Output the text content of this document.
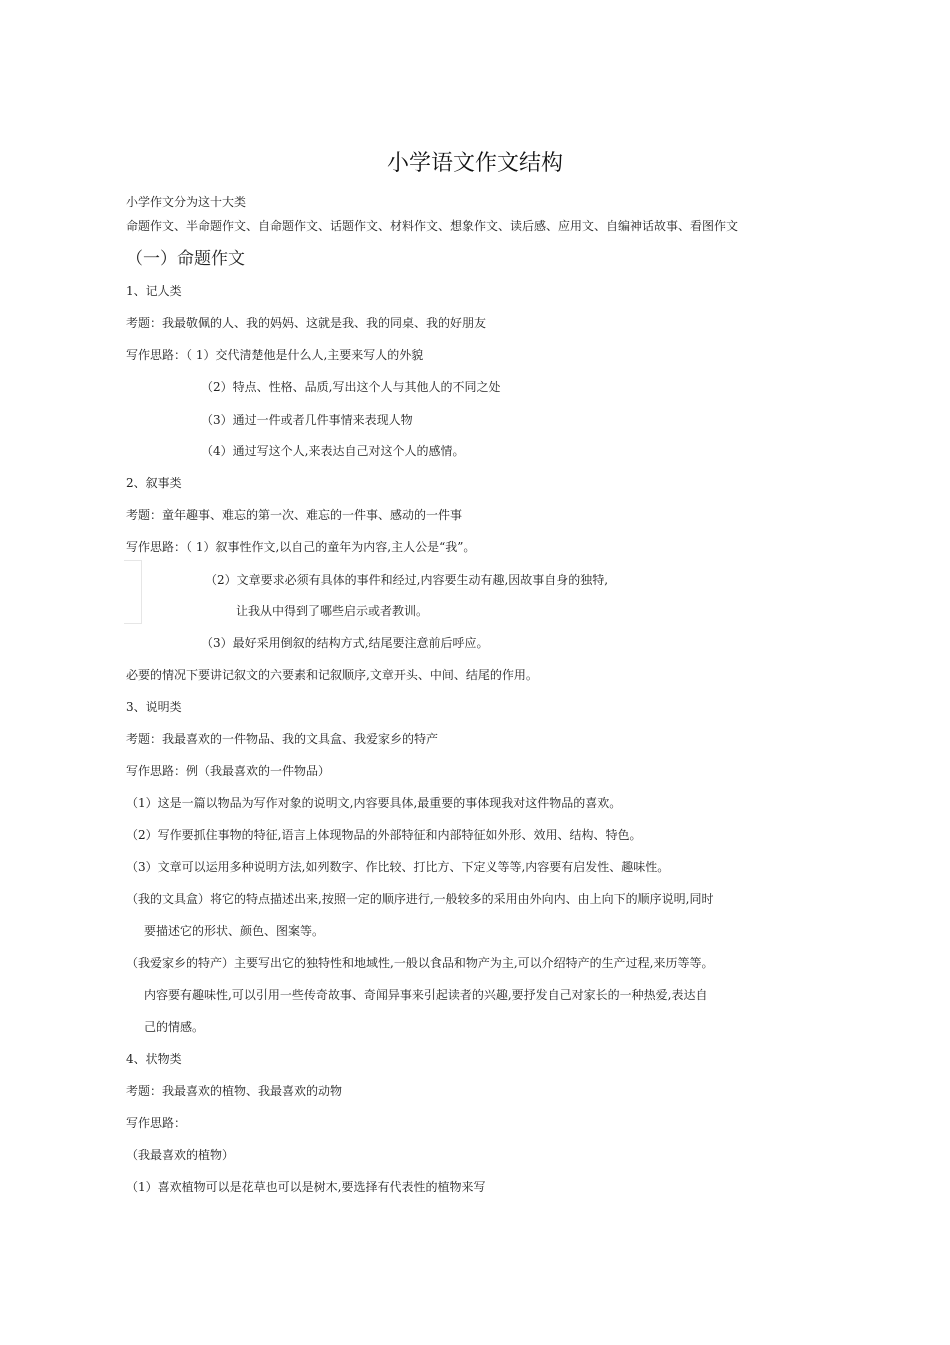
小学语文作文结构
小学作文分为这十大类
命题作文、半命题作文、自命题作文、话题作文、材料作文、想象作文、读后感、应用文、自编神话故事、看图作文
（一）命题作文
1、记人类
考题：我最敬佩的人、我的妈妈、这就是我、我的同桌、我的好朋友
写作思路：（ 1）交代清楚他是什么人,主要来写人的外貌
（2）特点、性格、品质,写出这个人与其他人的不同之处
（3）通过一件或者几件事情来表现人物
（4）通过写这个人,来表达自己对这个人的感情。
2、叙事类
考题：童年趣事、难忘的第一次、难忘的一件事、感动的一件事
写作思路：（ 1）叙事性作文,以自己的童年为内容,主人公是“我”。
（2）文章要求必须有具体的事件和经过,内容要生动有趣,因故事自身的独特,
让我从中得到了哪些启示或者教训。
（3）最好采用倒叙的结构方式,结尾要注意前后呼应。
必要的情况下要讲记叙文的六要素和记叙顺序,文章开头、中间、结尾的作用。
3、说明类
考题：我最喜欢的一件物品、我的文具盒、我爱家乡的特产
写作思路：例（我最喜欢的一件物品）
（1）这是一篇以物品为写作对象的说明文,内容要具体,最重要的事体现我对这件物品的喜欢。
（2）写作要抓住事物的特征,语言上体现物品的外部特征和内部特征如外形、效用、结构、特色。
（3）文章可以运用多种说明方法,如列数字、作比较、打比方、下定义等等,内容要有启发性、趣味性。
（我的文具盒）将它的特点描述出来,按照一定的顺序进行,一般较多的采用由外向内、由上向下的顺序说明,同时
要描述它的形状、颜色、图案等。
（我爱家乡的特产）主要写出它的独特性和地域性,一般以食品和物产为主,可以介绍特产的生产过程,来历等等。
内容要有趣味性,可以引用一些传奇故事、奇闻异事来引起读者的兴趣,要抒发自己对家长的一种热爱,表达自
己的情感。
4、状物类
考题：我最喜欢的植物、我最喜欢的动物
写作思路：
（我最喜欢的植物）
（1）喜欢植物可以是花草也可以是树木,要选择有代表性的植物来写
